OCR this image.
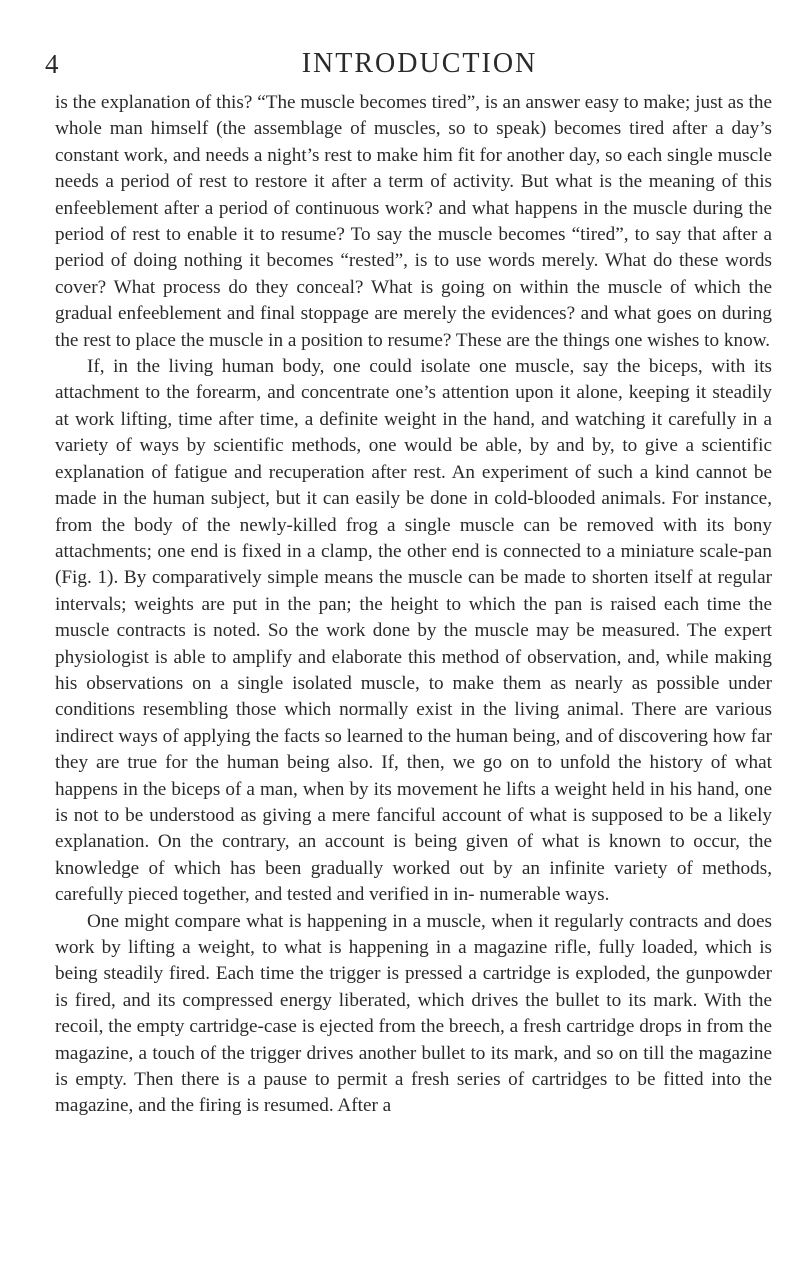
4	INTRODUCTION

is the explanation of this? “The muscle becomes tired”, is an answer easy to make; just as the whole man himself (the assemblage of muscles, so to speak) becomes tired after a day’s constant work, and needs a night’s rest to make him fit for another day, so each single muscle needs a period of rest to restore it after a term of activity. But what is the meaning of this enfeeblement after a period of continuous work? and what happens in the muscle during the period of rest to enable it to resume? To say the muscle becomes “tired”, to say that after a period of doing nothing it becomes “rested”, is to use words merely. What do these words cover? What process do they conceal? What is going on within the muscle of which the gradual enfeeblement and final stoppage are merely the evidences? and what goes on during the rest to place the muscle in a position to resume? These are the things one wishes to know.

If, in the living human body, one could isolate one muscle, say the biceps, with its attachment to the forearm, and concentrate one’s attention upon it alone, keeping it steadily at work lifting, time after time, a definite weight in the hand, and watching it carefully in a variety of ways by scientific methods, one would be able, by and by, to give a scientific explanation of fatigue and recuperation after rest. An experiment of such a kind cannot be made in the human subject, but it can easily be done in cold-blooded animals. For instance, from the body of the newly-killed frog a single muscle can be removed with its bony attachments; one end is fixed in a clamp, the other end is connected to a miniature scale-pan (Fig. 1). By comparatively simple means the muscle can be made to shorten itself at regular intervals; weights are put in the pan; the height to which the pan is raised each time the muscle contracts is noted. So the work done by the muscle may be measured. The expert physiologist is able to amplify and elaborate this method of observation, and, while making his observations on a single isolated muscle, to make them as nearly as possible under conditions resembling those which normally exist in the living animal. There are various indirect ways of applying the facts so learned to the human being, and of discovering how far they are true for the human being also. If, then, we go on to unfold the history of what happens in the biceps of a man, when by its movement he lifts a weight held in his hand, one is not to be understood as giving a mere fanciful account of what is supposed to be a likely explanation. On the contrary, an account is being given of what is known to occur, the knowledge of which has been gradually worked out by an infinite variety of methods, carefully pieced together, and tested and verified in in- numerable ways.

One might compare what is happening in a muscle, when it regularly contracts and does work by lifting a weight, to what is happening in a magazine rifle, fully loaded, which is being steadily fired. Each time the trigger is pressed a cartridge is exploded, the gunpowder is fired, and its compressed energy liberated, which drives the bullet to its mark. With the recoil, the empty cartridge-case is ejected from the breech, a fresh cartridge drops in from the magazine, a touch of the trigger drives another bullet to its mark, and so on till the magazine is empty. Then there is a pause to permit a fresh series of cartridges to be fitted into the magazine, and the firing is resumed. After a
